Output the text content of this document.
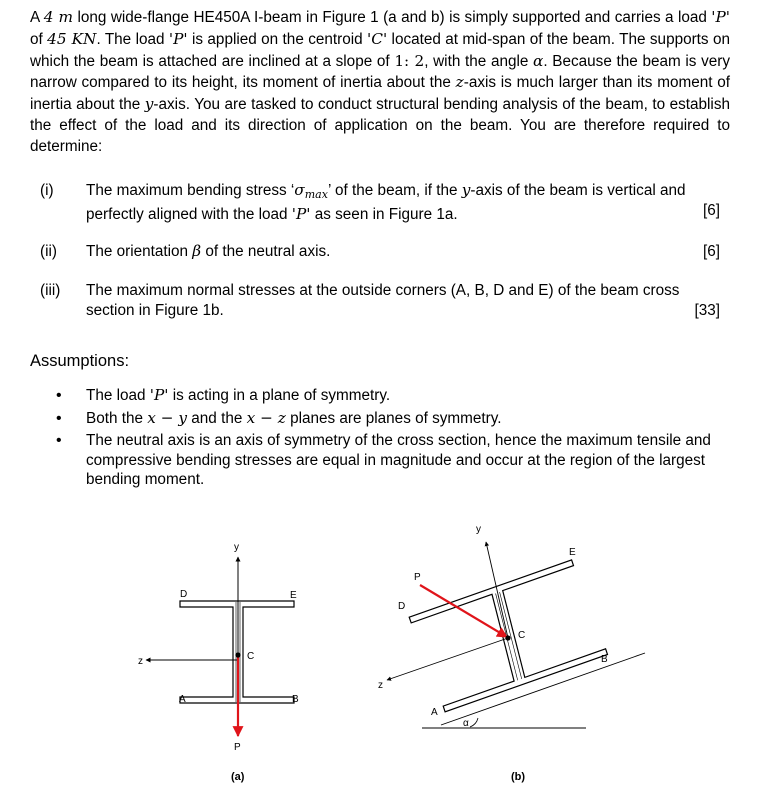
A 4 m long wide-flange HE450A I-beam in Figure 1 (a and b) is simply supported and carries a load 'P' of 45 KN. The load 'P' is applied on the centroid 'C' located at mid-span of the beam. The supports on which the beam is attached are inclined at a slope of 1: 2, with the angle α. Because the beam is very narrow compared to its height, its moment of inertia about the z-axis is much larger than its moment of inertia about the y-axis. You are tasked to conduct structural bending analysis of the beam, to establish the effect of the load and its direction of application on the beam. You are therefore required to determine:

(i) The maximum bending stress ‘$\sigma_{max}$’ of the beam, if the y-axis of the beam is vertical and perfectly aligned with the load 'P' as seen in Figure 1a.	[6]
(ii) The orientation β of the neutral axis.	[6]
(iii) The maximum normal stresses at the outside corners (A, B, D and E) of the beam cross section in Figure 1b.	[33]
Assumptions:
• The load 'P' is acting in a plane of symmetry.
• Both the x − y and the x − z planes are planes of symmetry.
• The neutral axis is an axis of symmetry of the cross section, hence the maximum tensile and compressive bending stresses are equal in magnitude and occur at the region of the largest bending moment.
y
z
D	E
A	B
C
P
(a)
y
z
D
E
A
B
C
P
α
(b)
